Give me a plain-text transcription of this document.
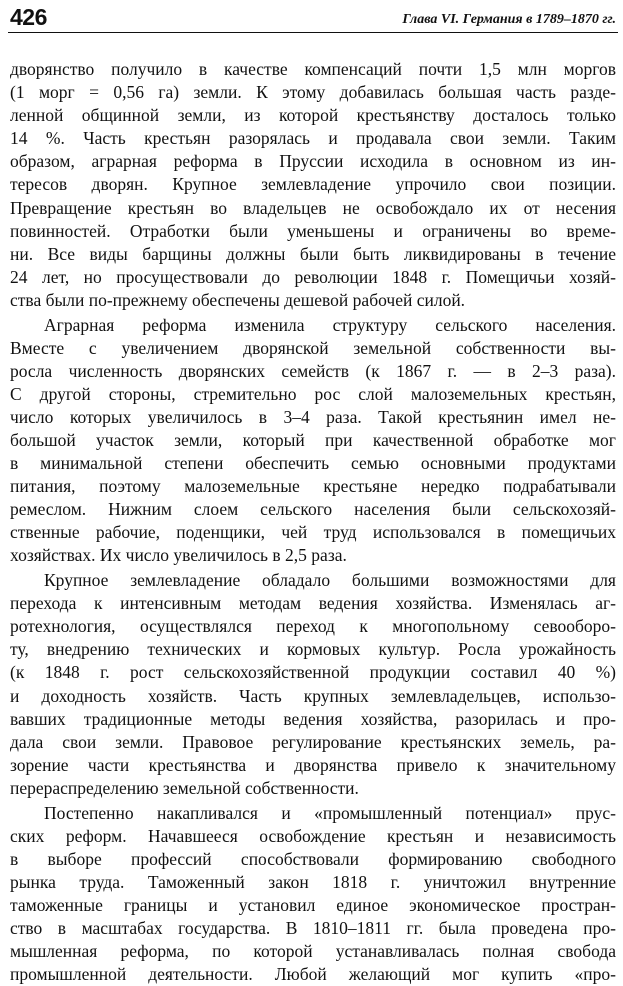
426	Глава VI. Германия в 1789–1870 гг.
дворянство получило в качестве компенсаций почти 1,5 млн моргов
(1 морг = 0,56 га) земли. К этому добавилась большая часть разде-
ленной общинной земли, из которой крестьянству досталось только
14 %. Часть крестьян разорялась и продавала свои земли. Таким
образом, аграрная реформа в Пруссии исходила в основном из ин-
тересов дворян. Крупное землевладение упрочило свои позиции.
Превращение крестьян во владельцев не освобождало их от несения
повинностей. Отработки были уменьшены и ограничены во време-
ни. Все виды барщины должны были быть ликвидированы в течение
24 лет, но просуществовали до революции 1848 г. Помещичьи хозяй-
ства были по-прежнему обеспечены дешевой рабочей силой.
Аграрная реформа изменила структуру сельского населения.
Вместе с увеличением дворянской земельной собственности вы-
росла численность дворянских семейств (к 1867 г. — в 2–3 раза).
С другой стороны, стремительно рос слой малоземельных крестьян,
число которых увеличилось в 3–4 раза. Такой крестьянин имел не-
большой участок земли, который при качественной обработке мог
в минимальной степени обеспечить семью основными продуктами
питания, поэтому малоземельные крестьяне нередко подрабатывали
ремеслом. Нижним слоем сельского населения были сельскохозяй-
ственные рабочие, поденщики, чей труд использовался в помещичьих
хозяйствах. Их число увеличилось в 2,5 раза.
Крупное землевладение обладало большими возможностями для
перехода к интенсивным методам ведения хозяйства. Изменялась аг-
ротехнология, осуществлялся переход к многопольному севооборо-
ту, внедрению технических и кормовых культур. Росла урожайность
(к 1848 г. рост сельскохозяйственной продукции составил 40 %)
и доходность хозяйств. Часть крупных землевладельцев, использо-
вавших традиционные методы ведения хозяйства, разорилась и про-
дала свои земли. Правовое регулирование крестьянских земель, ра-
зорение части крестьянства и дворянства привело к значительному
перераспределению земельной собственности.
Постепенно накапливался и «промышленный потенциал» прус-
ских реформ. Начавшееся освобождение крестьян и независимость
в выборе профессий способствовали формированию свободного
рынка труда. Таможенный закон 1818 г. уничтожил внутренние
таможенные границы и установил единое экономическое простран-
ство в масштабах государства. В 1810–1811 гг. была проведена про-
мышленная реформа, по которой устанавливалась полная свобода
промышленной деятельности. Любой желающий мог купить «про-
